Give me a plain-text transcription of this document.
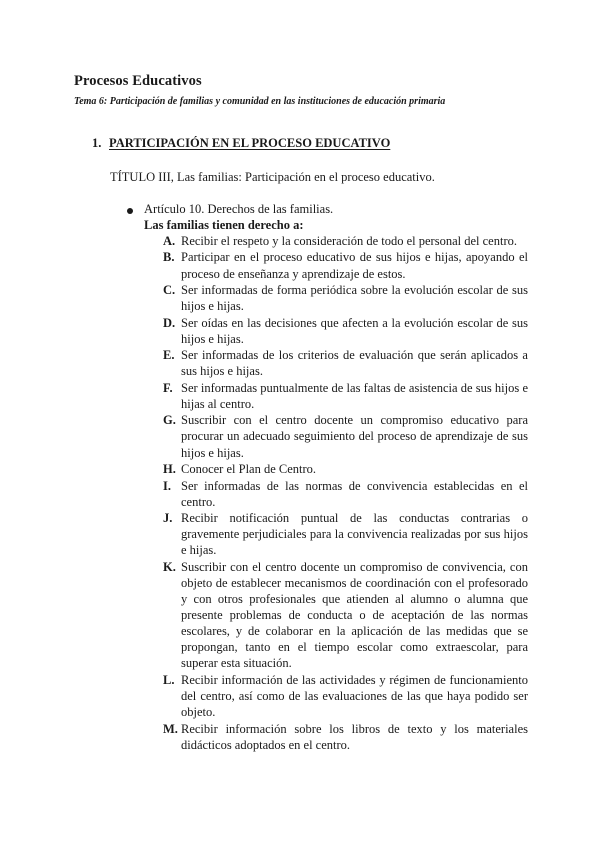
Procesos Educativos
Tema 6: Participación de familias y comunidad en las instituciones de educación primaria
1. PARTICIPACIÓN EN EL PROCESO EDUCATIVO
TÍTULO III, Las familias: Participación en el proceso educativo.
Artículo 10. Derechos de las familias.
Las familias tienen derecho a:
A. Recibir el respeto y la consideración de todo el personal del centro.
B. Participar en el proceso educativo de sus hijos e hijas, apoyando el proceso de enseñanza y aprendizaje de estos.
C. Ser informadas de forma periódica sobre la evolución escolar de sus hijos e hijas.
D. Ser oídas en las decisiones que afecten a la evolución escolar de sus hijos e hijas.
E. Ser informadas de los criterios de evaluación que serán aplicados a sus hijos e hijas.
F. Ser informadas puntualmente de las faltas de asistencia de sus hijos e hijas al centro.
G. Suscribir con el centro docente un compromiso educativo para procurar un adecuado seguimiento del proceso de aprendizaje de sus hijos e hijas.
H. Conocer el Plan de Centro.
I. Ser informadas de las normas de convivencia establecidas en el centro.
J. Recibir notificación puntual de las conductas contrarias o gravemente perjudiciales para la convivencia realizadas por sus hijos e hijas.
K. Suscribir con el centro docente un compromiso de convivencia, con objeto de establecer mecanismos de coordinación con el profesorado y con otros profesionales que atienden al alumno o alumna que presente problemas de conducta o de aceptación de las normas escolares, y de colaborar en la aplicación de las medidas que se propongan, tanto en el tiempo escolar como extraescolar, para superar esta situación.
L. Recibir información de las actividades y régimen de funcionamiento del centro, así como de las evaluaciones de las que haya podido ser objeto.
M. Recibir información sobre los libros de texto y los materiales didácticos adoptados en el centro.
